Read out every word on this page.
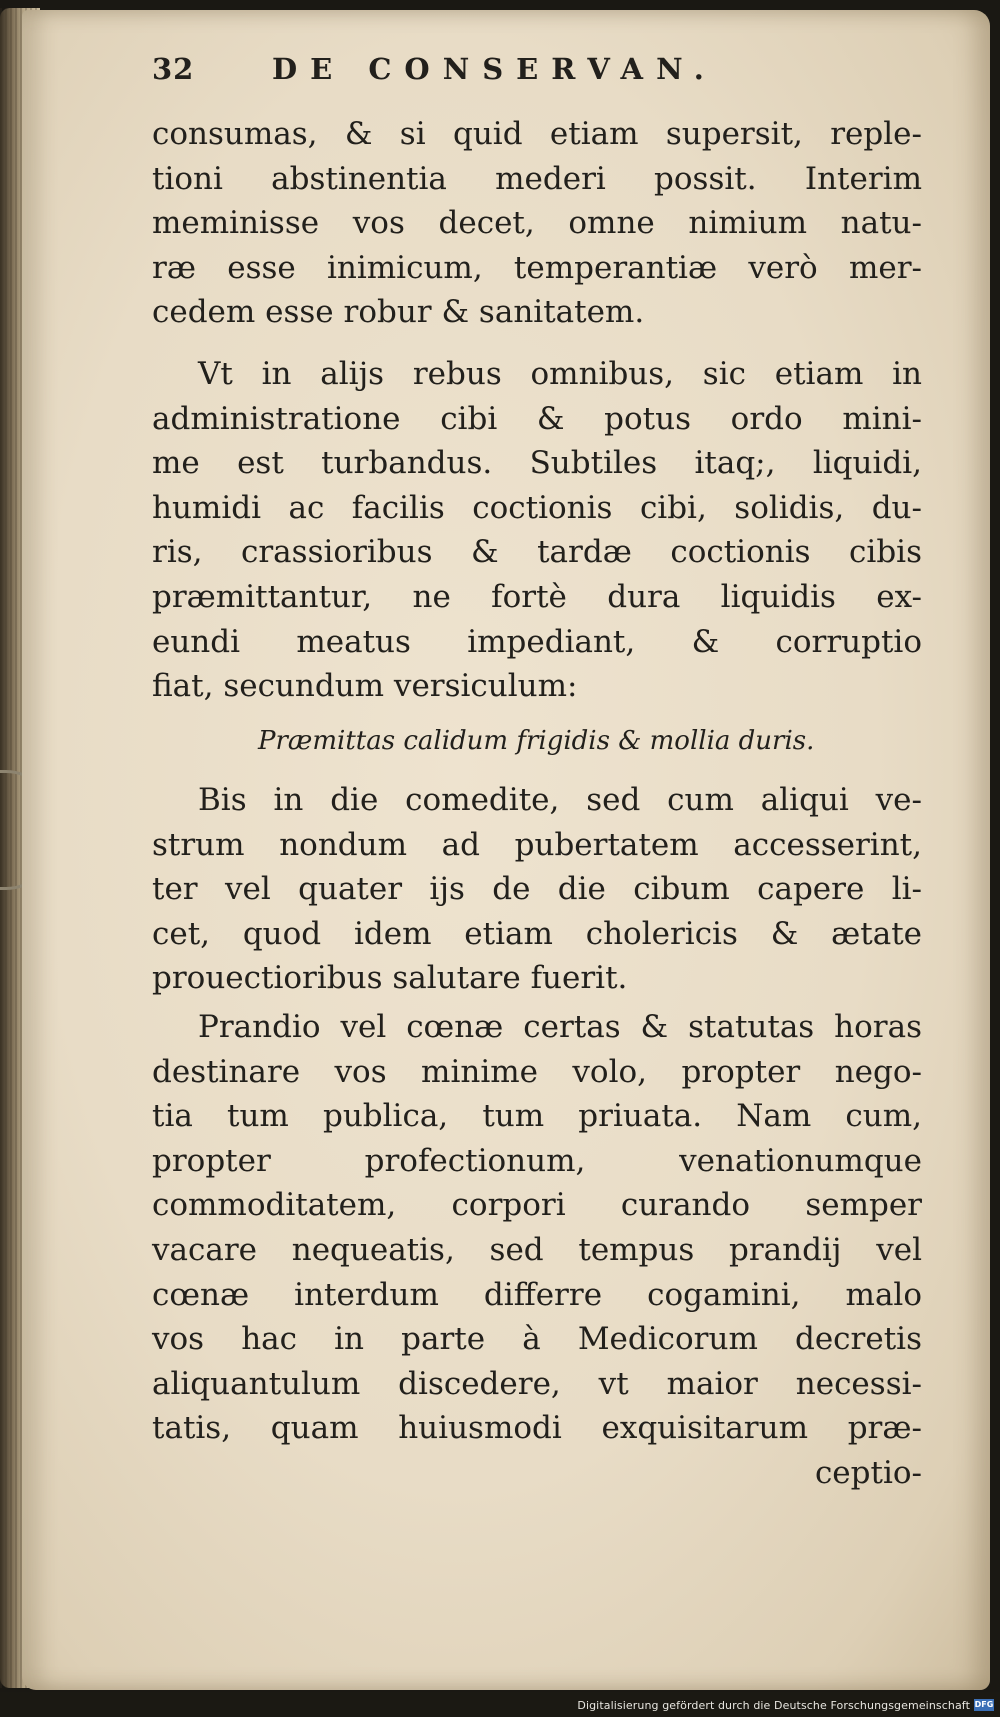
32	DE CONSERVAN.
consumas, & si quid etiam supersit, reple-
tioni abstinentia mederi possit. Interim
meminisse vos decet, omne nimium natu-
ræ esse inimicum, temperantiæ verò mer-
cedem esse robur & sanitatem.
Vt in alijs rebus omnibus, sic etiam in
administratione cibi & potus ordo mini-
me est turbandus. Subtiles itaq;, liquidi,
humidi ac facilis coctionis cibi, solidis, du-
ris, crassioribus & tardæ coctionis cibis
præmittantur, ne fortè dura liquidis ex-
eundi meatus impediant, & corruptio
fiat, secundum versiculum:
Præmittas calidum frigidis & mollia duris.
Bis in die comedite, sed cum aliqui ve-
strum nondum ad pubertatem accesserint,
ter vel quater ijs de die cibum capere li-
cet, quod idem etiam cholericis & ætate
prouectioribus salutare fuerit.
Prandio vel cœnæ certas & statutas horas
destinare vos minime volo, propter nego-
tia tum publica, tum priuata. Nam cum,
propter profectionum, venationumque
commoditatem, corpori curando semper
vacare nequeatis, sed tempus prandij vel
cœnæ interdum differre cogamini, malo
vos hac in parte à Medicorum decretis
aliquantulum discedere, vt maior necessi-
tatis, quam huiusmodi exquisitarum præ-
ceptio-
Digitalisierung gefördert durch die Deutsche Forschungsgemeinschaft DFG
